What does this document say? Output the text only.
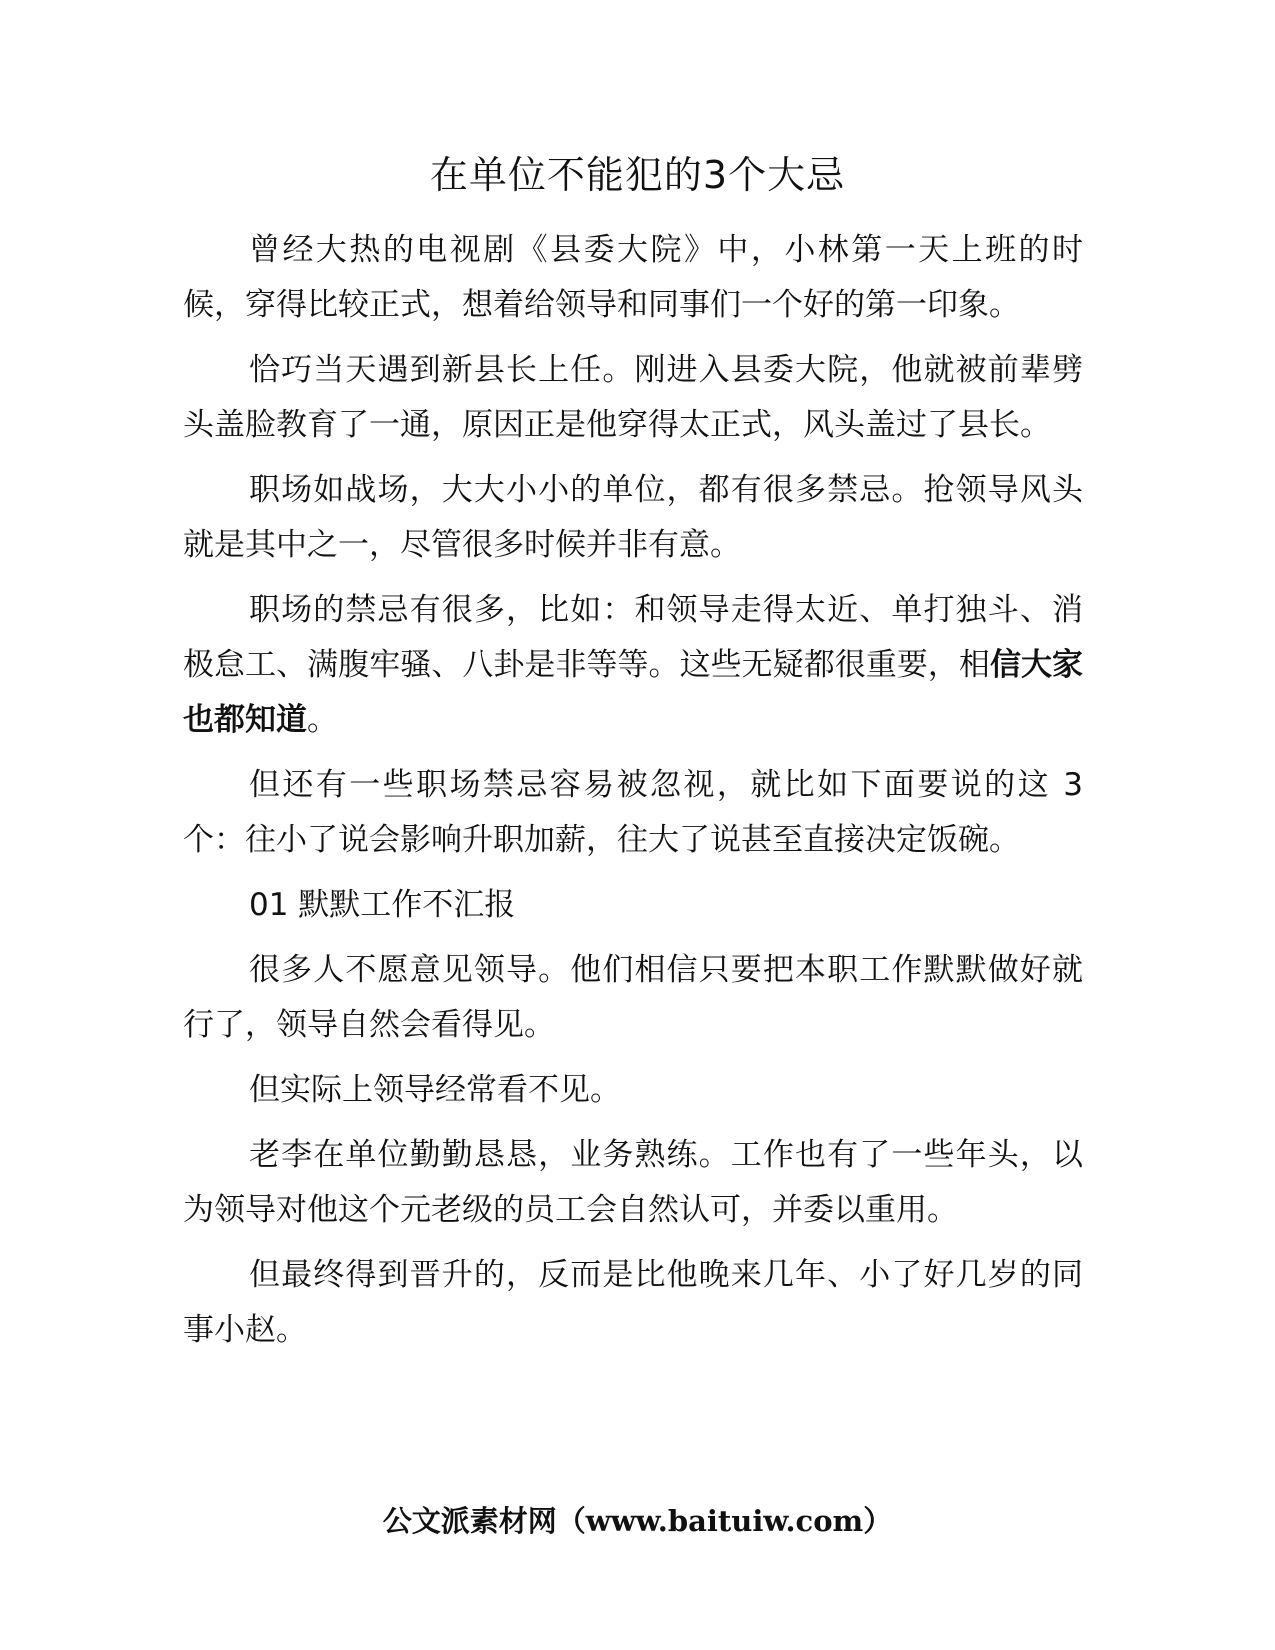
在单位不能犯的3个大忌

曾经大热的电视剧《县委大院》中，小林第一天上班的时候，穿得比较正式，想着给领导和同事们一个好的第一印象。

恰巧当天遇到新县长上任。刚进入县委大院，他就被前辈劈头盖脸教育了一通，原因正是他穿得太正式，风头盖过了县长。

职场如战场，大大小小的单位，都有很多禁忌。抢领导风头就是其中之一，尽管很多时候并非有意。

职场的禁忌有很多，比如：和领导走得太近、单打独斗、消极怠工、满腹牢骚、八卦是非等等。这些无疑都很重要，相信大家也都知道。

但还有一些职场禁忌容易被忽视，就比如下面要说的这 3 个：往小了说会影响升职加薪，往大了说甚至直接决定饭碗。

01 默默工作不汇报

很多人不愿意见领导。他们相信只要把本职工作默默做好就行了，领导自然会看得见。

但实际上领导经常看不见。

老李在单位勤勤恳恳，业务熟练。工作也有了一些年头，以为领导对他这个元老级的员工会自然认可，并委以重用。

但最终得到晋升的，反而是比他晚来几年、小了好几岁的同事小赵。

公文派素材网（www.baituiw.com）
